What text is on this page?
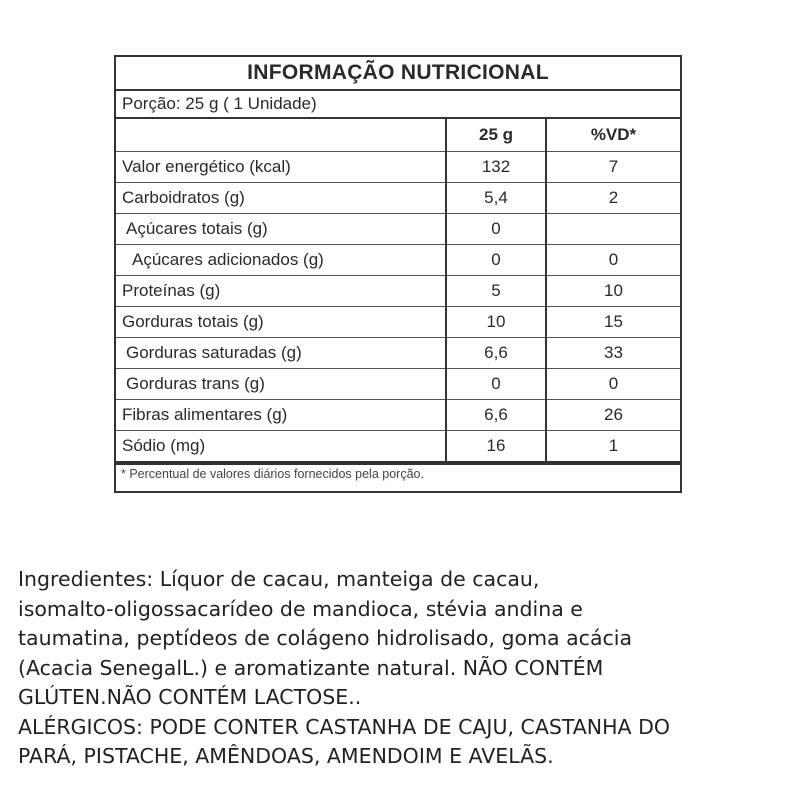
INFORMAÇÃO NUTRICIONAL
Porção: 25 g ( 1 Unidade)
	25 g	%VD*
Valor energético (kcal)	132	7
Carboidratos (g)	5,4	2
Açúcares totais (g)	0	
Açúcares adicionados (g)	0	0
Proteínas (g)	5	10
Gorduras totais (g)	10	15
Gorduras saturadas (g)	6,6	33
Gorduras trans (g)	0	0
Fibras alimentares (g)	6,6	26
Sódio (mg)	16	1
* Percentual de valores diários fornecidos pela porção.

Ingredientes: Líquor de cacau, manteiga de cacau,

isomalto-oligossacarídeo de mandioca, stévia andina e

taumatina, peptídeos de colágeno hidrolisado, goma acácia

(Acacia SenegalL.) e aromatizante natural. NÃO CONTÉM

GLÚTEN.NÃO CONTÉM LACTOSE..

ALÉRGICOS: PODE CONTER CASTANHA DE CAJU, CASTANHA DO

PARÁ, PISTACHE, AMÊNDOAS, AMENDOIM E AVELÃS.
